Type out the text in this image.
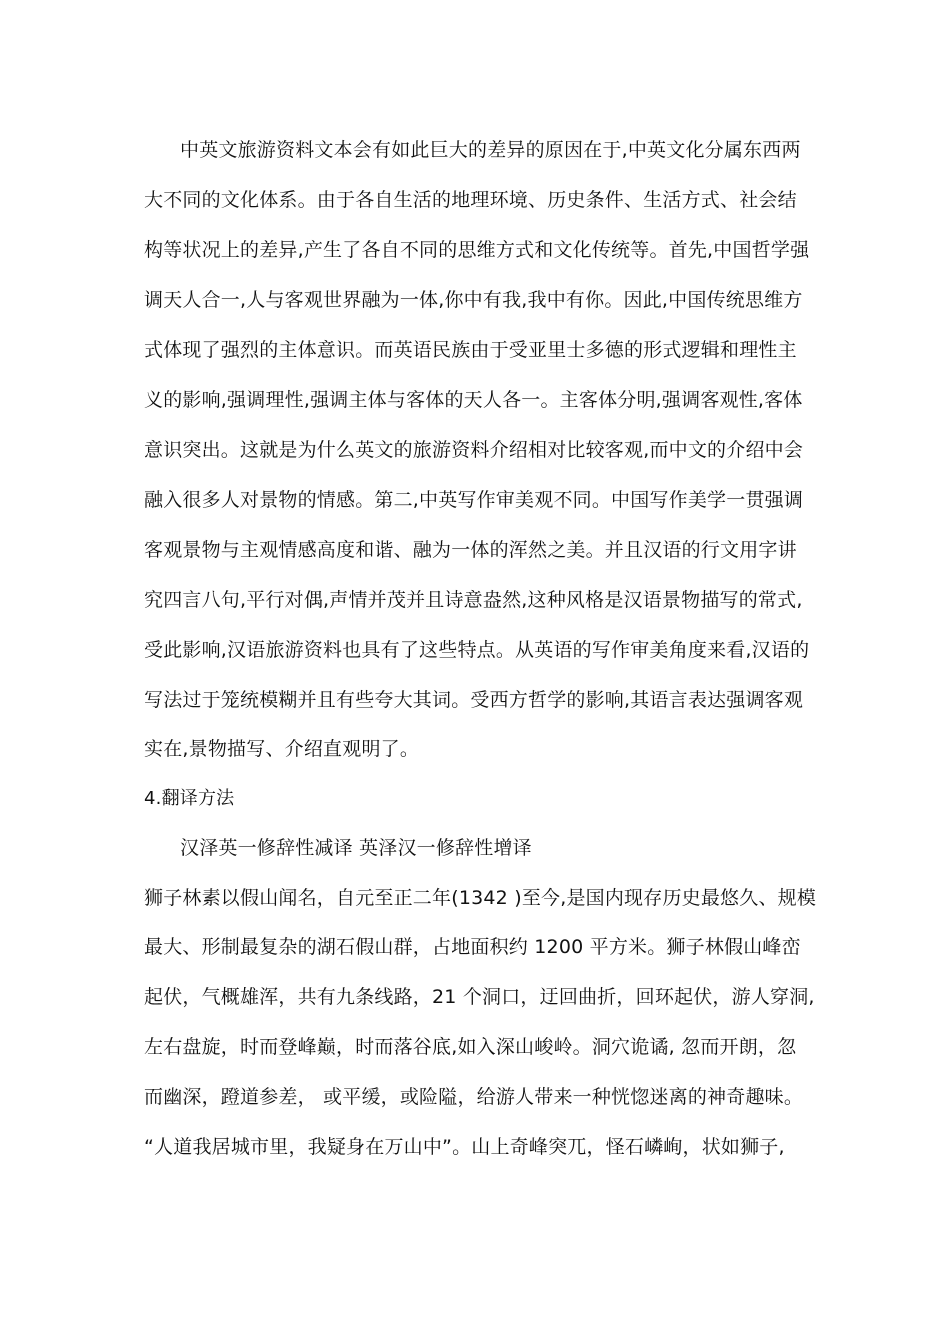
中英文旅游资料文本会有如此巨大的差异的原因在于,中英文化分属东西两
大不同的文化体系。由于各自生活的地理环境、历史条件、生活方式、社会结
构等状况上的差异,产生了各自不同的思维方式和文化传统等。首先,中国哲学强
调天人合一,人与客观世界融为一体,你中有我,我中有你。因此,中国传统思维方
式体现了强烈的主体意识。而英语民族由于受亚里士多德的形式逻辑和理性主
义的影响,强调理性,强调主体与客体的天人各一。主客体分明,强调客观性,客体
意识突出。这就是为什么英文的旅游资料介绍相对比较客观,而中文的介绍中会
融入很多人对景物的情感。第二,中英写作审美观不同。中国写作美学一贯强调
客观景物与主观情感高度和谐、融为一体的浑然之美。并且汉语的行文用字讲
究四言八句,平行对偶,声情并茂并且诗意盎然,这种风格是汉语景物描写的常式,
受此影响,汉语旅游资料也具有了这些特点。从英语的写作审美角度来看,汉语的
写法过于笼统模糊并且有些夸大其词。受西方哲学的影响,其语言表达强调客观
实在,景物描写、介绍直观明了。
4.翻译方法
汉泽英一修辞性减译 英泽汉一修辞性增译
狮子林素以假山闻名，自元至正二年(1342 )至今,是国内现存历史最悠久、规模
最大、形制最复杂的湖石假山群，占地面积约 1200 平方米。狮子林假山峰峦
起伏，气概雄浑，共有九条线路，21 个洞口，迂回曲折，回环起伏，游人穿洞,
左右盘旋，时而登峰巅，时而落谷底,如入深山峻岭。洞穴诡谲, 忽而开朗，忽
而幽深，蹬道参差， 或平缓，或险隘，给游人带来一种恍惚迷离的神奇趣味。
“人道我居城市里，我疑身在万山中”。山上奇峰突兀，怪石嶙峋，状如狮子,
